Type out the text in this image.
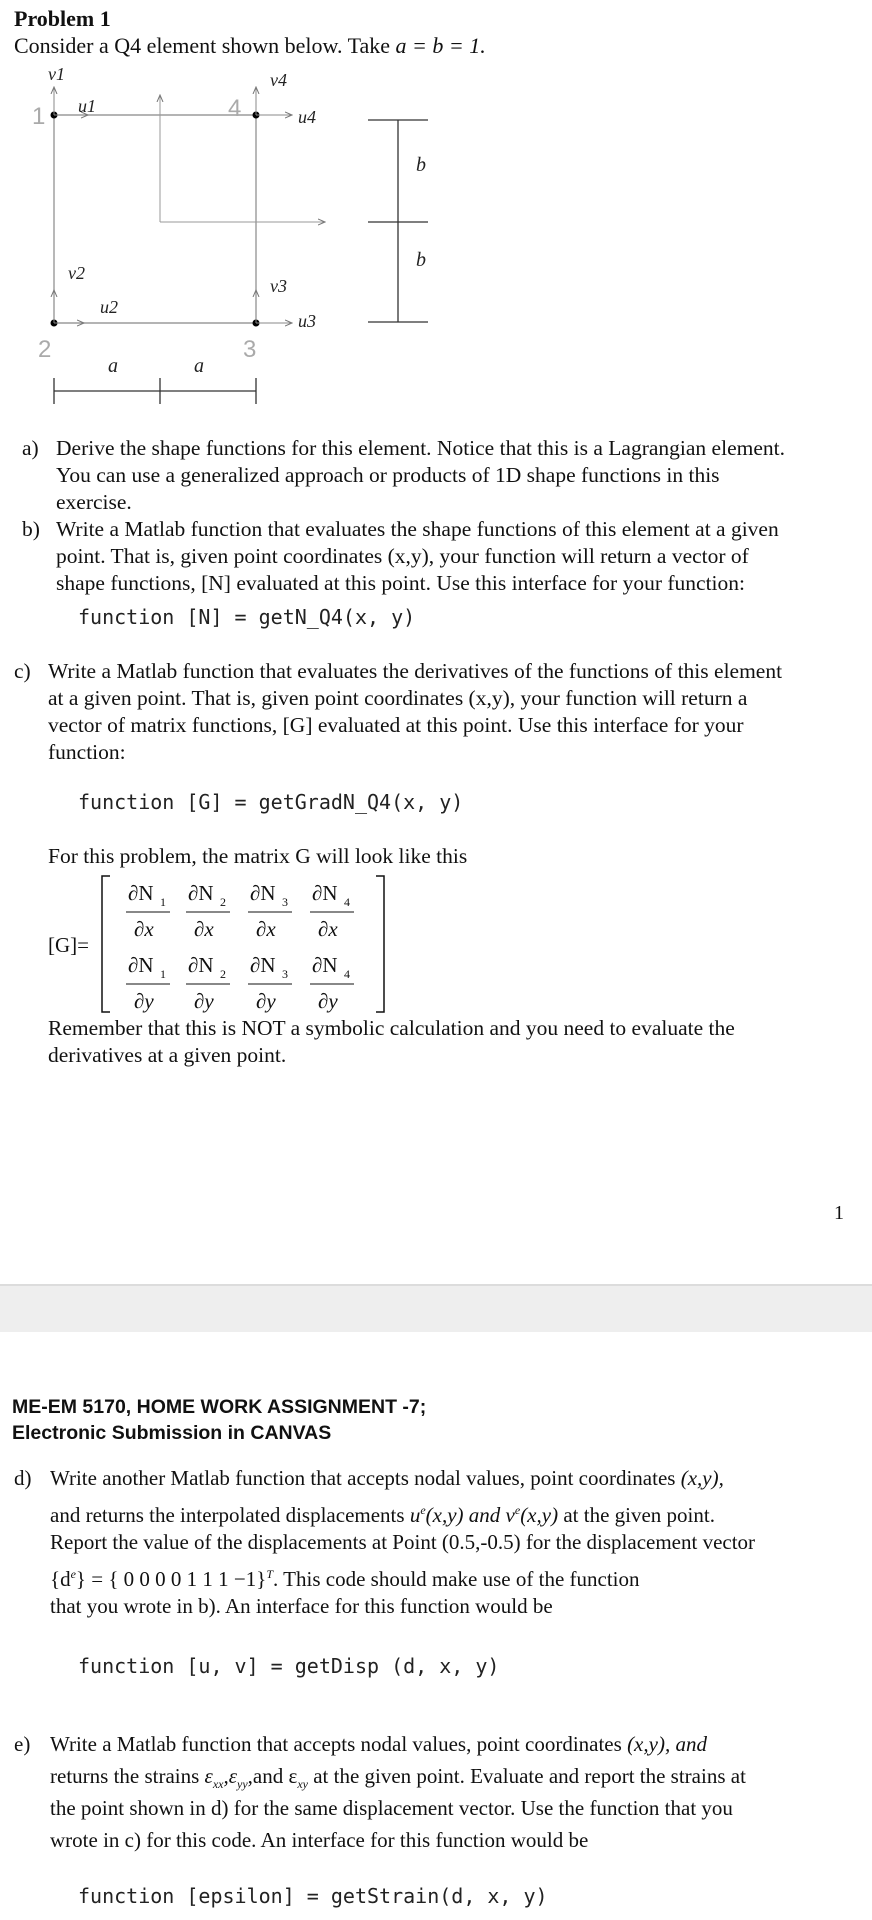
Problem 1
Consider a Q4 element shown below. Take a = b = 1.
1
2	3
4
v1
u1
v2
u2
v3
u3
v4
u4
a	a
b
b
a) Derive the shape functions for this element. Notice that this is a Lagrangian element.
You can use a generalized approach or products of 1D shape functions in this
exercise.
b) Write a Matlab function that evaluates the shape functions of this element at a given
point. That is, given point coordinates (x,y), your function will return a vector of
shape functions, [N] evaluated at this point. Use this interface for your function:
function [N] = getN_Q4(x, y)
c) Write a Matlab function that evaluates the derivatives of the functions of this element
at a given point. That is, given point coordinates (x,y), your function will return a
vector of matrix functions, [G] evaluated at this point. Use this interface for your
function:
function [G] = getGradN_Q4(x, y)
For this problem, the matrix G will look like this
[G]=
∂N 1
∂x
∂N 2
∂x
∂N 3
∂x
∂N 4
∂x
∂N 1
∂y
∂N 2
∂y
∂N 3
∂y
∂N 4
∂y
Remember that this is NOT a symbolic calculation and you need to evaluate the
derivatives at a given point.
1
ME-EM 5170, HOME WORK ASSIGNMENT -7;
Electronic Submission in CANVAS
d) Write another Matlab function that accepts nodal values, point coordinates (x,y),
and returns the interpolated displacements $u^e(x,y)$ and $v^e(x,y)$ at the given point.
Report the value of the displacements at Point (0.5,-0.5) for the displacement vector
$\{d^e\}$ = { 0 0 0 0 1 1 1 −1}$^T$. This code should make use of the function
that you wrote in b). An interface for this function would be
function [u, v] = getDisp (d, x, y)
e) Write a Matlab function that accepts nodal values, point coordinates (x,y), and
returns the strains $\varepsilon_{xx},\varepsilon_{yy},and$ $\varepsilon_{xy}$ at the given point. Evaluate and report the strains at
the point shown in d) for the same displacement vector. Use the function that you
wrote in c) for this code. An interface for this function would be
function [epsilon] = getStrain(d, x, y)
